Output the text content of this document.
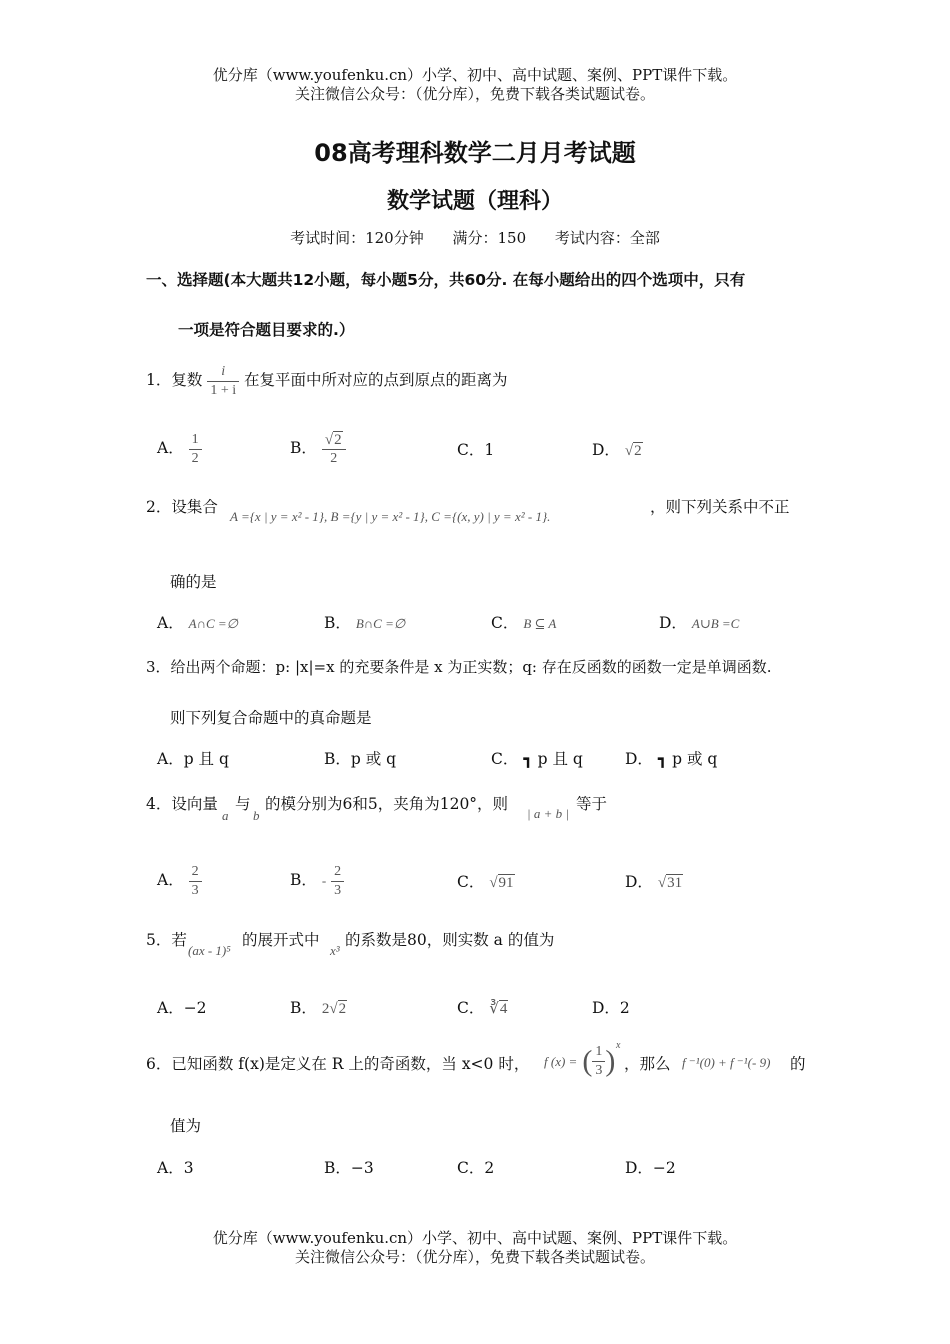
优分库（www.youfenku.cn）小学、初中、高中试题、案例、PPT课件下载。
关注微信公众号：（优分库），免费下载各类试题试卷。
08高考理科数学二月月考试题
数学试题（理科）
考试时间：120分钟 满分：150 考试内容：全部
一、选择题(本大题共12小题，每小题5分，共60分. 在每小题给出的四个选项中，只有
一项是符合题目要求的.）
1．复数 $\frac{i}{1 + i}$ 在复平面中所对应的点到原点的距离为
A． $\frac{1}{2}$	B． $\frac{√2}{2}$	C．1	D． √2
2．设集合
A ={x | y = x² - 1}, B ={y | y = x² - 1}, C ={(x, y) | y = x² - 1}.
，则下列关系中不正
确的是
A． A∩C =∅	B． B∩C =∅	C． B ⊆ A	D． A∪B =C
3．给出两个命题：p: |x|=x 的充要条件是 x 为正实数；q: 存在反函数的函数一定是单调函数.
则下列复合命题中的真命题是
A．p 且 q	B．p 或 q	C． ┓ p 且 q	D． ┓ p 或 q
4．设向量
a
与
b
的模分别为6和5，夹角为120°，则
| a + b |
等于
A． $\frac{2}{3}$	B． - $\frac{2}{3}$	C． √91	D． √31
5．若
(ax - 1)⁵
的展开式中
x³
的系数是80，则实数 a 的值为
A．−2	B． 2√2	C． ∛4	D．2
6．已知函数 f(x)是定义在 R 上的奇函数，当 x<0 时， f (x) = ( $\frac{1}{3}$ ) x
，那么 f ⁻¹(0) + f ⁻¹(- 9) 的
值为
A．3	B．−3	C．2	D．−2
优分库（www.youfenku.cn）小学、初中、高中试题、案例、PPT课件下载。
关注微信公众号：（优分库），免费下载各类试题试卷。
